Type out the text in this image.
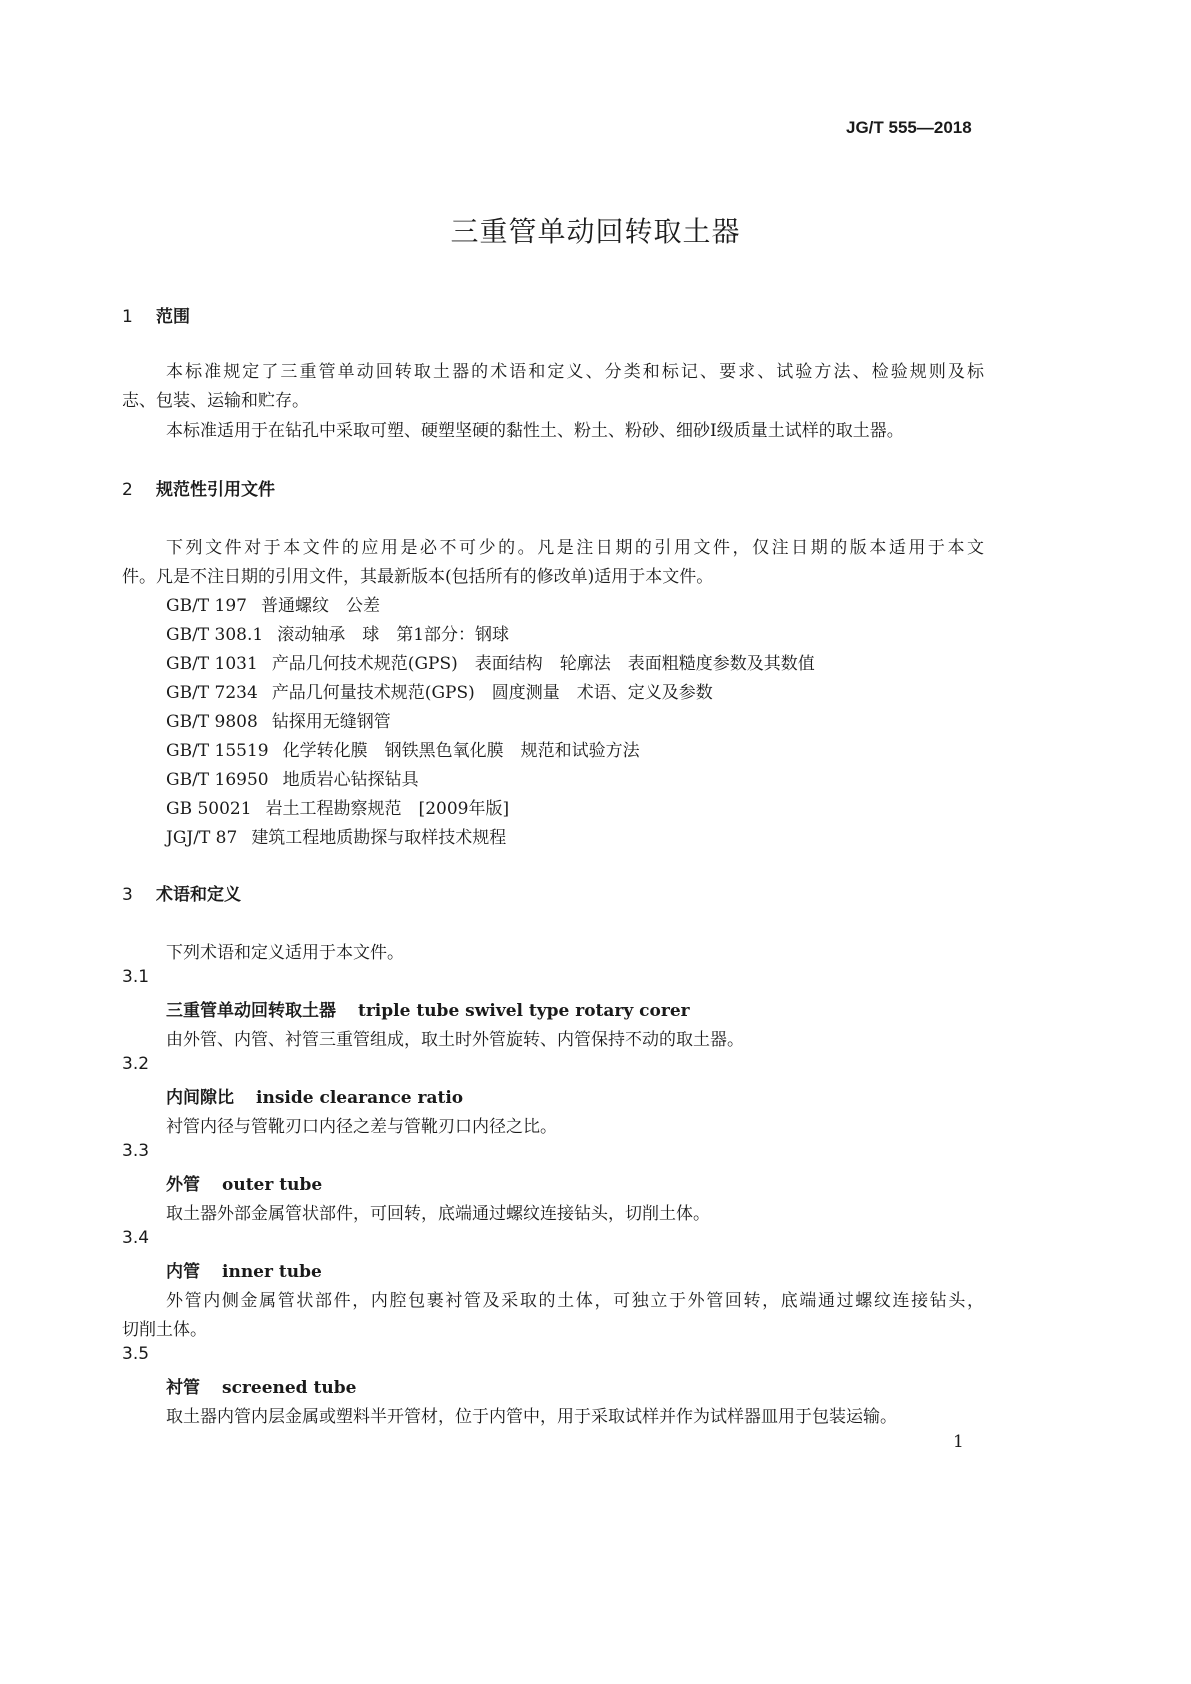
JG/T 555—2018
三重管单动回转取土器
1 范围
本标准规定了三重管单动回转取土器的术语和定义、分类和标记、要求、试验方法、检验规则及标
志、包装、运输和贮存。
本标准适用于在钻孔中采取可塑、硬塑坚硬的黏性土、粉土、粉砂、细砂Ⅰ级质量土试样的取土器。
2 规范性引用文件
下列文件对于本文件的应用是必不可少的。凡是注日期的引用文件，仅注日期的版本适用于本文
件。凡是不注日期的引用文件，其最新版本(包括所有的修改单)适用于本文件。
GB/T 197 普通螺纹　公差
GB/T 308.1 滚动轴承　球　第1部分：钢球
GB/T 1031 产品几何技术规范(GPS)　表面结构　轮廓法　表面粗糙度参数及其数值
GB/T 7234 产品几何量技术规范(GPS)　圆度测量　术语、定义及参数
GB/T 9808 钻探用无缝钢管
GB/T 15519 化学转化膜　钢铁黑色氧化膜　规范和试验方法
GB/T 16950 地质岩心钻探钻具
GB 50021 岩土工程勘察规范　[2009年版]
JGJ/T 87 建筑工程地质勘探与取样技术规程
3 术语和定义
下列术语和定义适用于本文件。
3.1
三重管单动回转取土器 triple tube swivel type rotary corer
由外管、内管、衬管三重管组成，取土时外管旋转、内管保持不动的取土器。
3.2
内间隙比 inside clearance ratio
衬管内径与管靴刃口内径之差与管靴刃口内径之比。
3.3
外管 outer tube
取土器外部金属管状部件，可回转，底端通过螺纹连接钻头，切削土体。
3.4
内管 inner tube
外管内侧金属管状部件，内腔包裹衬管及采取的土体，可独立于外管回转，底端通过螺纹连接钻头，
切削土体。
3.5
衬管 screened tube
取土器内管内层金属或塑料半开管材，位于内管中，用于采取试样并作为试样器皿用于包装运输。
1
